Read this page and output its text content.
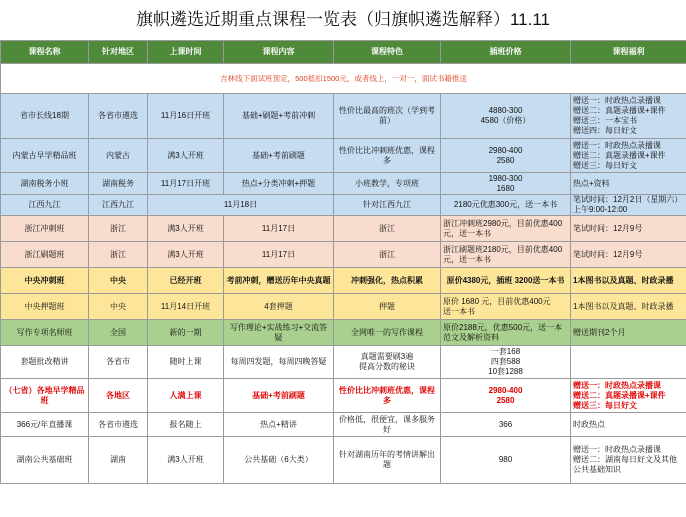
旗帜遴选近期重点课程一览表（归旗帜遴选解释）11.11
课程名称	针对地区	上课时间	课程内容	课程特色	插班价格	课程福利
吉林线下面试班预定，500抵扣1500元，或者线上，一对一，面试书籍推送						
省市长线18期	各省市遴选	11月16日开班	基础+刷题+考前冲刺	性价比最高的班次（学到考前）	4880-300
4580（价格）	赠送一：时政热点录播课
赠送二：真题录播课+课件
赠送三：一本宝书
赠送四：每日好文

内蒙古早学精品班	内蒙古	满3人开班	基础+考前刷题	性价比比冲刺班优惠，课程多	2980-400
2580	赠送一：时政热点录播课
赠送二：真题录播课+课件
赠送三：每日好文

湖南税务小班	湖南税务	11月17日开班	热点+分类冲刺+押题	小班教学，专项班	1980-300
1680	热点+资料
江西九江	江西九江	11月18日		针对江西九江	2180元优惠300元，送一本书	笔试时间：12月2日（星期六）上午9:00-12:00
浙江冲刺班	浙江	满3人开班	11月17日	浙江	浙江冲刺班2980元，目前优惠400元，送一本书	笔试时间：12月9号
浙江刷题班	浙江	满3人开班	11月17日	浙江	浙江刷题班2180元，目前优惠400元，送一本书	笔试时间：12月9号
中央冲刺班	中央	已经开班	考前冲刺，赠送历年中央真题	冲刺强化，热点积累	原价4380元，插班 3200送一本书	1本图书以及真题、时政录播
中央押题班	中央	11月14日开班	4套押题	押题	原价 1680 元，目前优惠400元
送一本书	1本图书以及真题、时政录播
写作专项名师班	全国	新的一期	写作理论+实战练习+交流答疑	全网唯一的写作课程	原价2188元，优惠500元，送一本范文及解析资料	赠送期刊2个月
套题批改精讲	各省市	随时上课	每周四发题，每周四晚答疑	真题需要刷3遍
提高分数的秘诀	一套168
四套588
10套1288	

（七省）各地早学精品班	各地区	人满上课	基础+考前刷题	性价比比冲刺班优惠，课程多	2980-400
2580	赠送一：时政热点录播课
赠送二：真题录播课+课件
赠送三：每日好文

366元/年直播课	各省市遴选	报名随上	热点+精讲	价格低，很便宜，课多服务好	366	时政热点
湖南公共基础班	湖南	满3人开班	公共基础（6大类）	针对湖南历年的考情讲解出题	980	赠送一：时政热点录播课
赠送二：湖南每日好文及其他公共基础知识
